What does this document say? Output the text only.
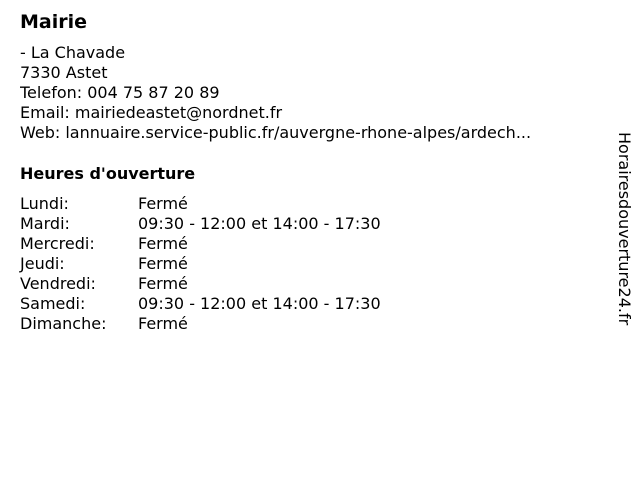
Mairie
- La Chavade
7330 Astet
Telefon: 004 75 87 20 89
Email: mairiedeastet@nordnet.fr
Web: lannuaire.service-public.fr/auvergne-rhone-alpes/ardech...
Heures d'ouverture
Lundi:	Fermé
Mardi:	09:30 - 12:00 et 14:00 - 17:30
Mercredi:	Fermé
Jeudi:	Fermé
Vendredi:	Fermé
Samedi:	09:30 - 12:00 et 14:00 - 17:30
Dimanche:	Fermé	Horairesdouverture24.fr
